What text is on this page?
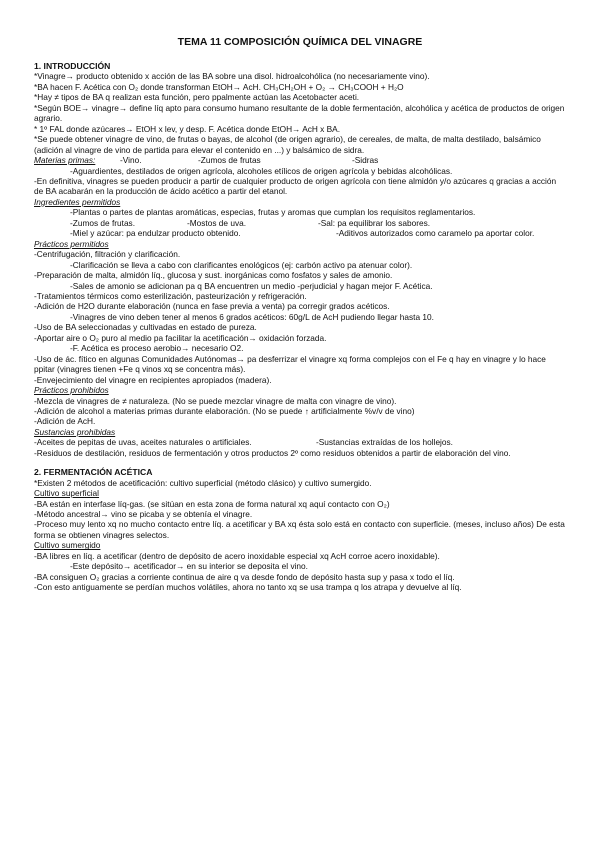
TEMA 11 COMPOSICIÓN QUÍMICA DEL VINAGRE
1. INTRODUCCIÓN
*Vinagre→ producto obtenido x acción de las BA sobre una disol. hidroalcohólica (no necesariamente vino).
*BA hacen F. Acética con O₂ donde transforman EtOH→ AcH. CH₃CH₂OH + O₂ → CH₃COOH + H₂O
*Hay ≠ tipos de BA q realizan esta función, pero ppalmente actúan las Acetobacter aceti.
*Según BOE→ vinagre→ define líq apto para consumo humano resultante de la doble fermentación, alcohólica y acética de productos de origen agrario.
* 1º FAL donde azúcares→ EtOH x lev, y desp. F. Acética donde EtOH→ AcH x BA.
*Se puede obtener vinagre de vino, de frutas o bayas, de alcohol (de origen agrario), de cereales, de malta, de malta destilado, balsámico (adición al vinagre de vino de partida para elevar el contenido en ...) y balsámico de sidra.
Materias primas:	-Vino.	-Zumos de frutas	-Sidras
-Aguardientes, destilados de origen agrícola, alcoholes etílicos de origen agrícola y bebidas alcohólicas.
-En definitiva, vinagres se pueden producir a partir de cualquier producto de origen agrícola con tiene almidón y/o azúcares q gracias a acción de BA acabarán en la producción de ácido acético a partir del etanol.
Ingredientes permitidos
-Plantas o partes de plantas aromáticas, especias, frutas y aromas que cumplan los requisitos reglamentarios.
-Zumos de frutas.	-Mostos de uva.	-Sal: pa equilibrar los sabores.
-Miel y azúcar: pa endulzar producto obtenido.	-Aditivos autorizados como caramelo pa aportar color.
Prácticos permitidos
-Centrifugación, filtración y clarificación.
-Clarificación se lleva a cabo con clarificantes enológicos (ej: carbón activo pa atenuar color).
-Preparación de malta, almidón líq., glucosa y sust. inorgánicas como fosfatos y sales de amonio.
-Sales de amonio se adicionan pa q BA encuentren un medio -perjudicial y hagan mejor F. Acética.
-Tratamientos térmicos como esterilización, pasteurización y refrigeración.
-Adición de H2O durante elaboración (nunca en fase previa a venta) pa corregir grados acéticos.
-Vinagres de vino deben tener al menos 6 grados acéticos: 60g/L de AcH pudiendo llegar hasta 10.
-Uso de BA seleccionadas y cultivadas en estado de pureza.
-Aportar aire o O₂ puro al medio pa facilitar la acetificación→ oxidación forzada.
-F. Acética es proceso aerobio→ necesario O2.
-Uso de ác. fítico en algunas Comunidades Autónomas→ pa desferrizar el vinagre xq forma complejos con el Fe q hay en vinagre y lo hace ppitar (vinagres tienen +Fe q vinos xq se concentra más).
-Envejecimiento del vinagre en recipientes apropiados (madera).
Prácticos prohibidos
-Mezcla de vinagres de ≠ naturaleza. (No se puede mezclar vinagre de malta con vinagre de vino).
-Adición de alcohol a materias primas durante elaboración. (No se puede ↑ artificialmente %v/v de vino)
-Adición de AcH.
Sustancias prohibidas
-Aceites de pepitas de uvas, aceites naturales o artificiales.	-Sustancias extraídas de los hollejos.
-Residuos de destilación, residuos de fermentación y otros productos 2º como residuos obtenidos a partir de elaboración del vino.
2. FERMENTACIÓN ACÉTICA
*Existen 2 métodos de acetificación: cultivo superficial (método clásico) y cultivo sumergido.
Cultivo superficial
-BA están en interfase líq-gas. (se sitúan en esta zona de forma natural xq aquí contacto con O₂)
-Método ancestral→ vino se picaba y se obtenía el vinagre.
-Proceso muy lento xq no mucho contacto entre líq. a acetificar y BA xq ésta solo está en contacto con superficie. (meses, incluso años) De esta forma se obtienen vinagres selectos.
Cultivo sumergido
-BA libres en líq. a acetificar (dentro de depósito de acero inoxidable especial xq AcH corroe acero inoxidable).
-Este depósito→ acetificador→ en su interior se deposita el vino.
-BA consiguen O₂ gracias a corriente continua de aire q va desde fondo de depósito hasta sup y pasa x todo el líq.
-Con esto antiguamente se perdían muchos volátiles, ahora no tanto xq se usa trampa q los atrapa y devuelve al líq.
